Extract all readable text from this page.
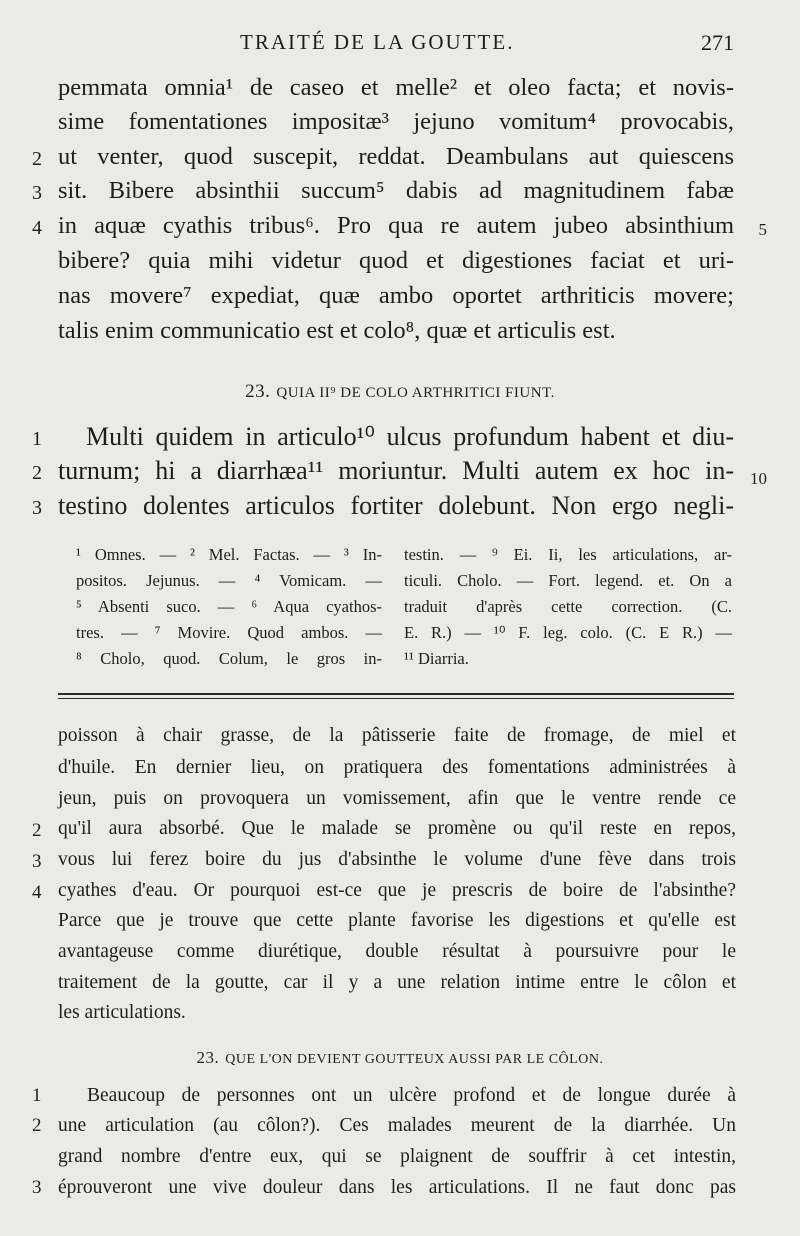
TRAITÉ DE LA GOUTTE.	271
pemmata omnia¹ de caseo et melle² et oleo facta; et novis-
sime fomentationes impositæ³ jejuno vomitum⁴ provocabis,
ut venter, quod suscepit, reddat. Deambulans aut quiescens
sit. Bibere absinthii succum⁵ dabis ad magnitudinem fabæ
in aquæ cyathis tribus⁶. Pro qua re autem jubeo absinthium
bibere? quia mihi videtur quod et digestiones faciat et uri-
nas movere⁷ expediat, quæ ambo oportet arthriticis movere;
talis enim communicatio est et colo⁸, quæ et articulis est.
2
3
4	5
10
23. QUIA II⁹ DE COLO ARTHRITICI FIUNT.
Multi quidem in articulo¹⁰ ulcus profundum habent et diu-
turnum; hi a diarrhæa¹¹ moriuntur. Multi autem ex hoc in-
testino dolentes articulos fortiter dolebunt. Non ergo negli-
1
2
3
¹ Omnes. — ² Mel. Factas. — ³ In-
positos. Jejunus. — ⁴ Vomicam. —
⁵ Absenti suco. — ⁶ Aqua cyathos-
tres. — ⁷ Movire. Quod ambos. —
⁸ Cholo, quod. Colum, le gros in-
testin. — ⁹ Ei. Ii, les articulations, ar-
ticuli. Cholo. — Fort. legend. et. On a
traduit d'après cette correction. (C.
E. R.) — ¹⁰ F. leg. colo. (C. E R.) —
¹¹ Diarria.
poisson à chair grasse, de la pâtisserie faite de fromage, de miel et
d'huile. En dernier lieu, on pratiquera des fomentations administrées à
jeun, puis on provoquera un vomissement, afin que le ventre rende ce
qu'il aura absorbé. Que le malade se promène ou qu'il reste en repos,
vous lui ferez boire du jus d'absinthe le volume d'une fève dans trois
cyathes d'eau. Or pourquoi est-ce que je prescris de boire de l'absinthe?
Parce que je trouve que cette plante favorise les digestions et qu'elle est
avantageuse comme diurétique, double résultat à poursuivre pour le
traitement de la goutte, car il y a une relation intime entre le côlon et
les articulations.
2
3
4
23. QUE L'ON DEVIENT GOUTTEUX AUSSI PAR LE CÔLON.
Beaucoup de personnes ont un ulcère profond et de longue durée à
une articulation (au côlon?). Ces malades meurent de la diarrhée. Un
grand nombre d'entre eux, qui se plaignent de souffrir à cet intestin,
éprouveront une vive douleur dans les articulations. Il ne faut donc pas
1
2
3
